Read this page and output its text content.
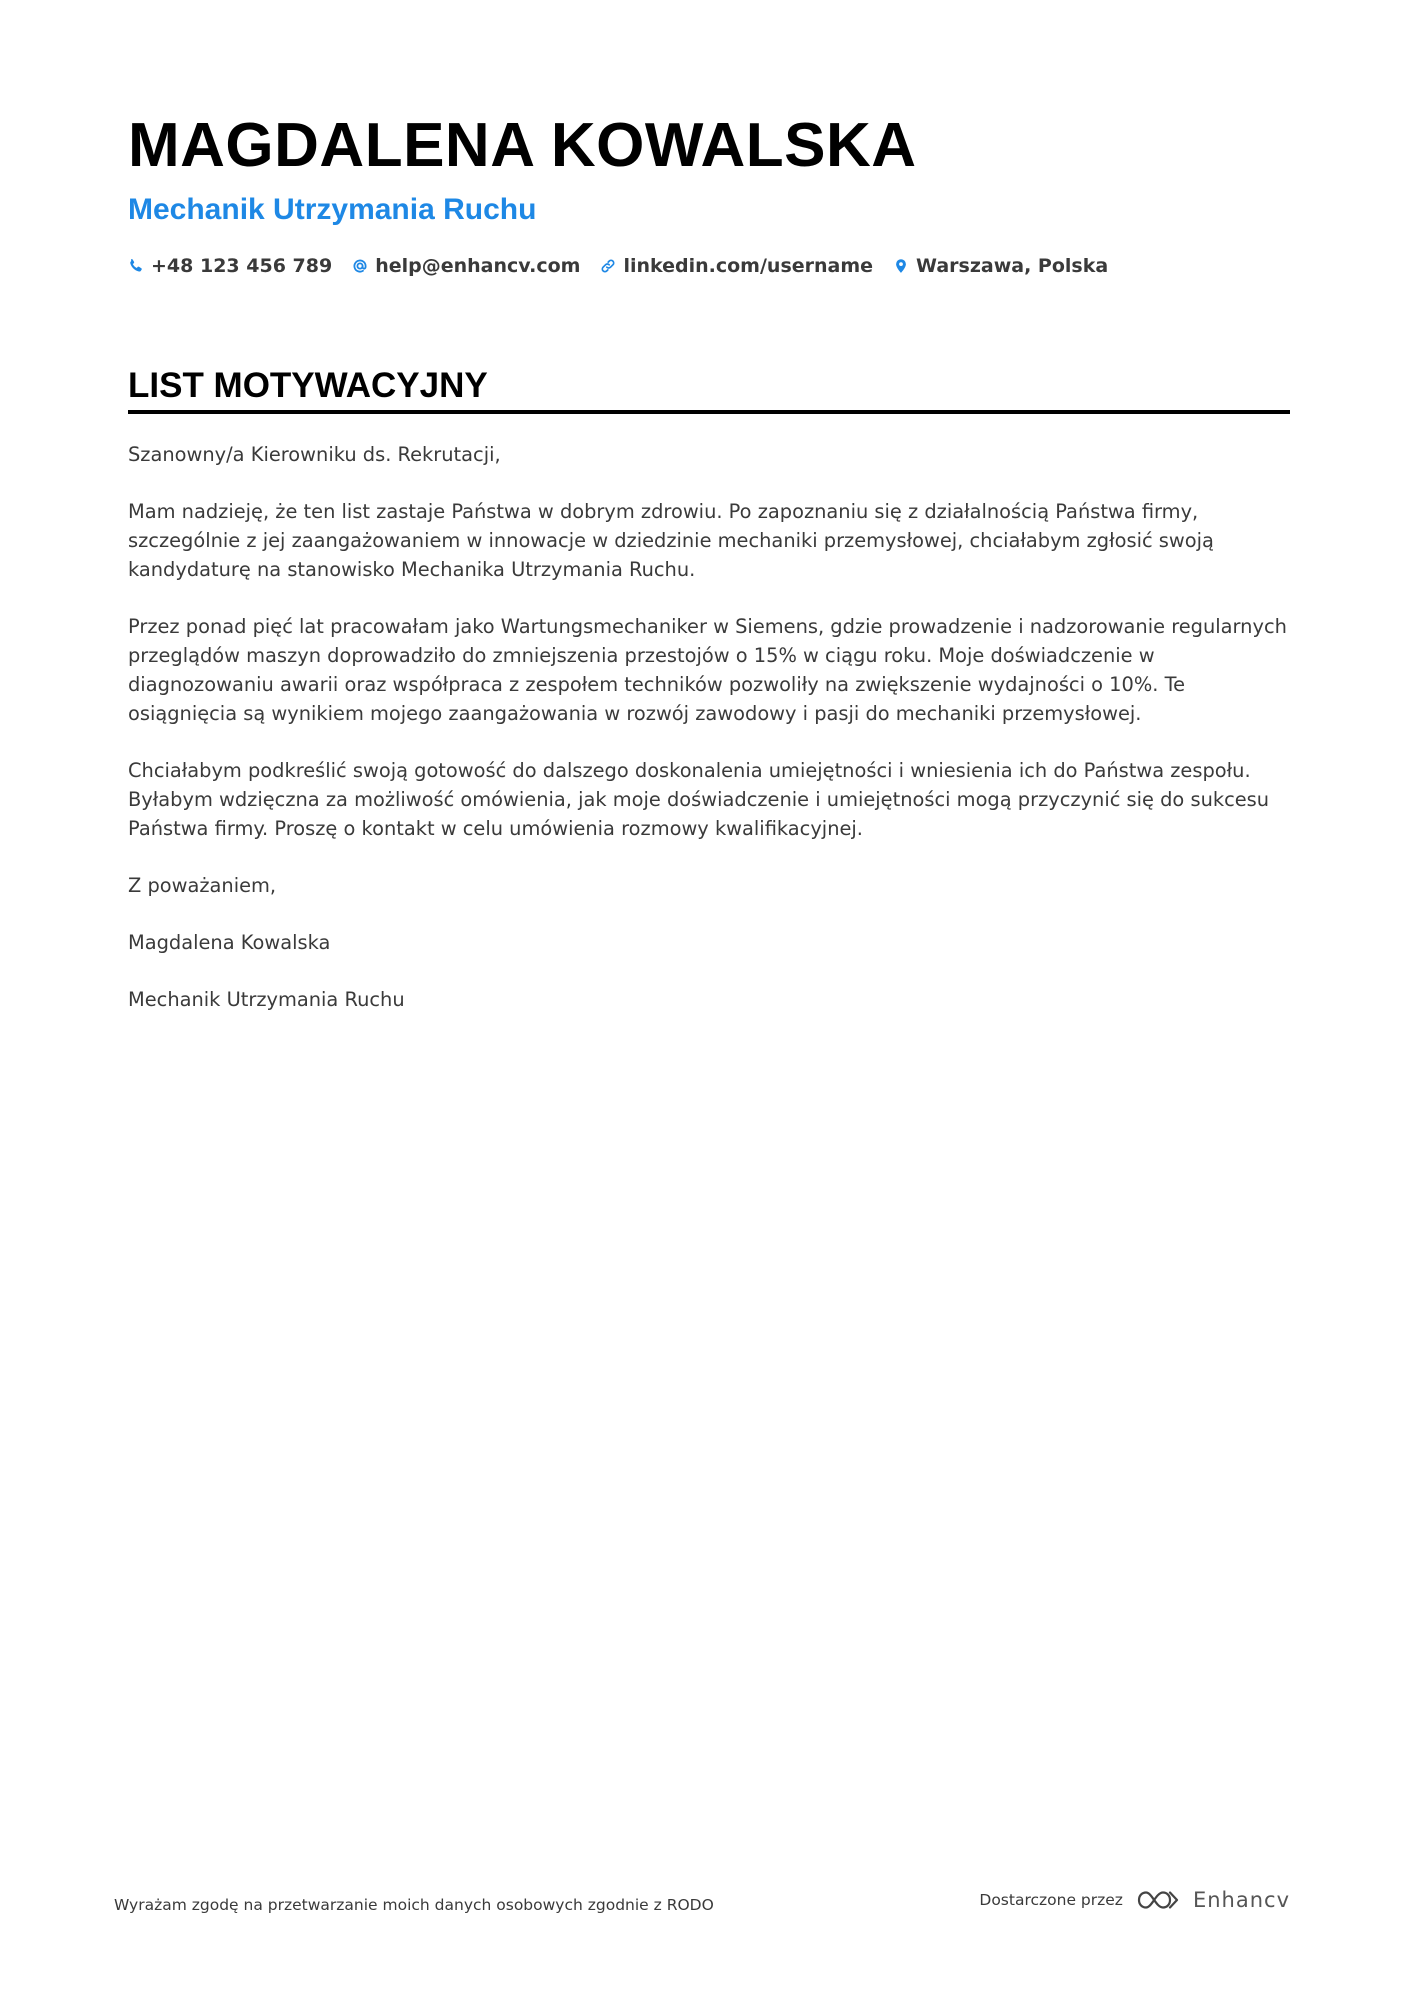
MAGDALENA KOWALSKA
Mechanik Utrzymania Ruchu
+48 123 456 789 help@enhancv.com linkedin.com/username Warszawa, Polska
LIST MOTYWACYJNY

Szanowny/a Kierowniku ds. Rekrutacji,

Mam nadzieję, że ten list zastaje Państwa w dobrym zdrowiu. Po zapoznaniu się z działalnością Państwa firmy, szczególnie z jej zaangażowaniem w innowacje w dziedzinie mechaniki przemysłowej, chciałabym zgłosić swoją kandydaturę na stanowisko Mechanika Utrzymania Ruchu.

Przez ponad pięć lat pracowałam jako Wartungsmechaniker w Siemens, gdzie prowadzenie i nadzorowanie regularnych przeglądów maszyn doprowadziło do zmniejszenia przestojów o 15% w ciągu roku. Moje doświadczenie w diagnozowaniu awarii oraz współpraca z zespołem techników pozwoliły na zwiększenie wydajności o 10%. Te osiągnięcia są wynikiem mojego zaangażowania w rozwój zawodowy i pasji do mechaniki przemysłowej.

Chciałabym podkreślić swoją gotowość do dalszego doskonalenia umiejętności i wniesienia ich do Państwa zespołu. Byłabym wdzięczna za możliwość omówienia, jak moje doświadczenie i umiejętności mogą przyczynić się do sukcesu Państwa firmy. Proszę o kontakt w celu umówienia rozmowy kwalifikacyjnej.

Z poważaniem,

Magdalena Kowalska

Mechanik Utrzymania Ruchu

Wyrażam zgodę na przetwarzanie moich danych osobowych zgodnie z RODO	Dostarczone przez	Enhancv
